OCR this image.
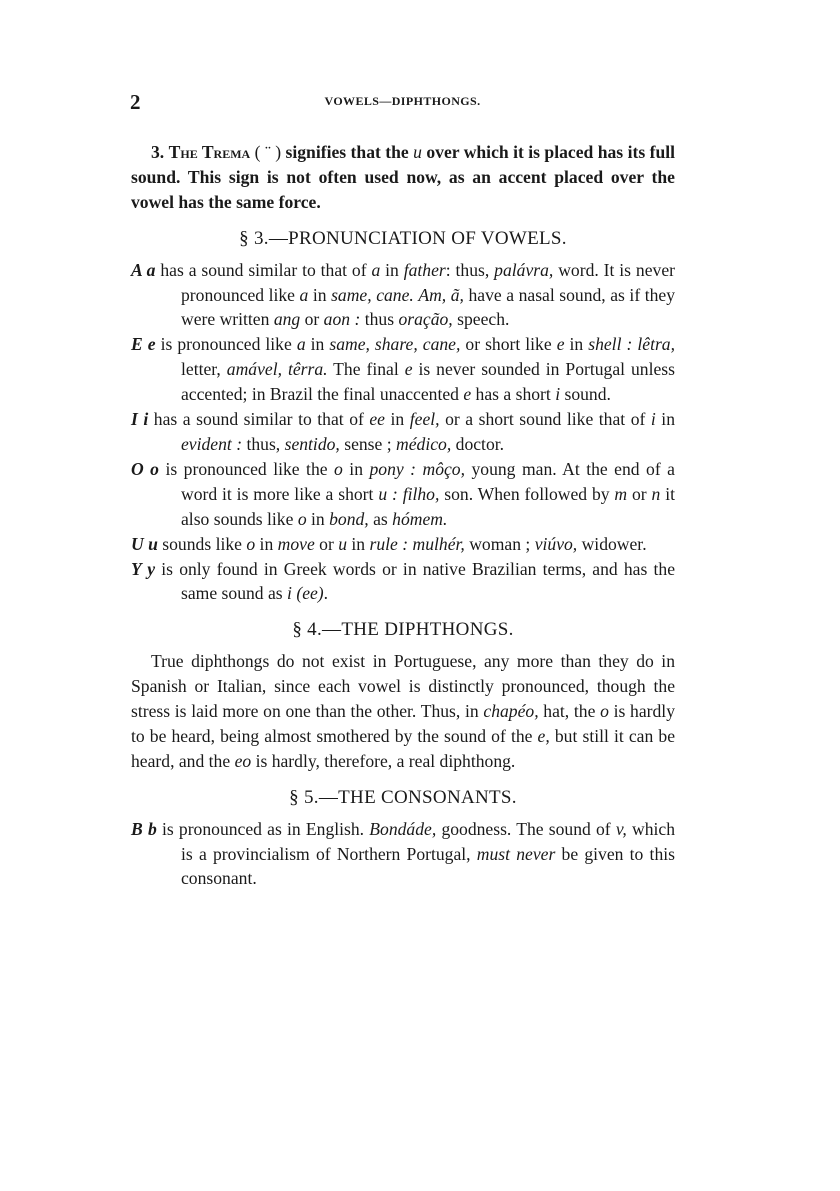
2	VOWELS—DIPHTHONGS.

3. The Trema ( ¨ ) signifies that the u over which it is placed has its full sound. This sign is not often used now, as an accent placed over the vowel has the same force.

§ 3.—PRONUNCIATION OF VOWELS.

A a has a sound similar to that of a in father: thus, palávra, word. It is never pronounced like a in same, cane. Am, ã, have a nasal sound, as if they were written ang or aon : thus oração, speech.

E e is pronounced like a in same, share, cane, or short like e in shell : lêtra, letter, amável, têrra. The final e is never sounded in Portugal unless accented; in Brazil the final unaccented e has a short i sound.

I i has a sound similar to that of ee in feel, or a short sound like that of i in evident : thus, sentido, sense ; médico, doctor.

O o is pronounced like the o in pony : môço, young man. At the end of a word it is more like a short u : filho, son. When followed by m or n it also sounds like o in bond, as hómem.

U u sounds like o in move or u in rule : mulhér, woman ; viúvo, widower.

Y y is only found in Greek words or in native Brazilian terms, and has the same sound as i (ee).

§ 4.—THE DIPHTHONGS.

True diphthongs do not exist in Portuguese, any more than they do in Spanish or Italian, since each vowel is distinctly pronounced, though the stress is laid more on one than the other. Thus, in chapéo, hat, the o is hardly to be heard, being almost smothered by the sound of the e, but still it can be heard, and the eo is hardly, therefore, a real diphthong.

§ 5.—THE CONSONANTS.

B b is pronounced as in English. Bondáde, goodness. The sound of v, which is a provincialism of Northern Portugal, must never be given to this consonant.
